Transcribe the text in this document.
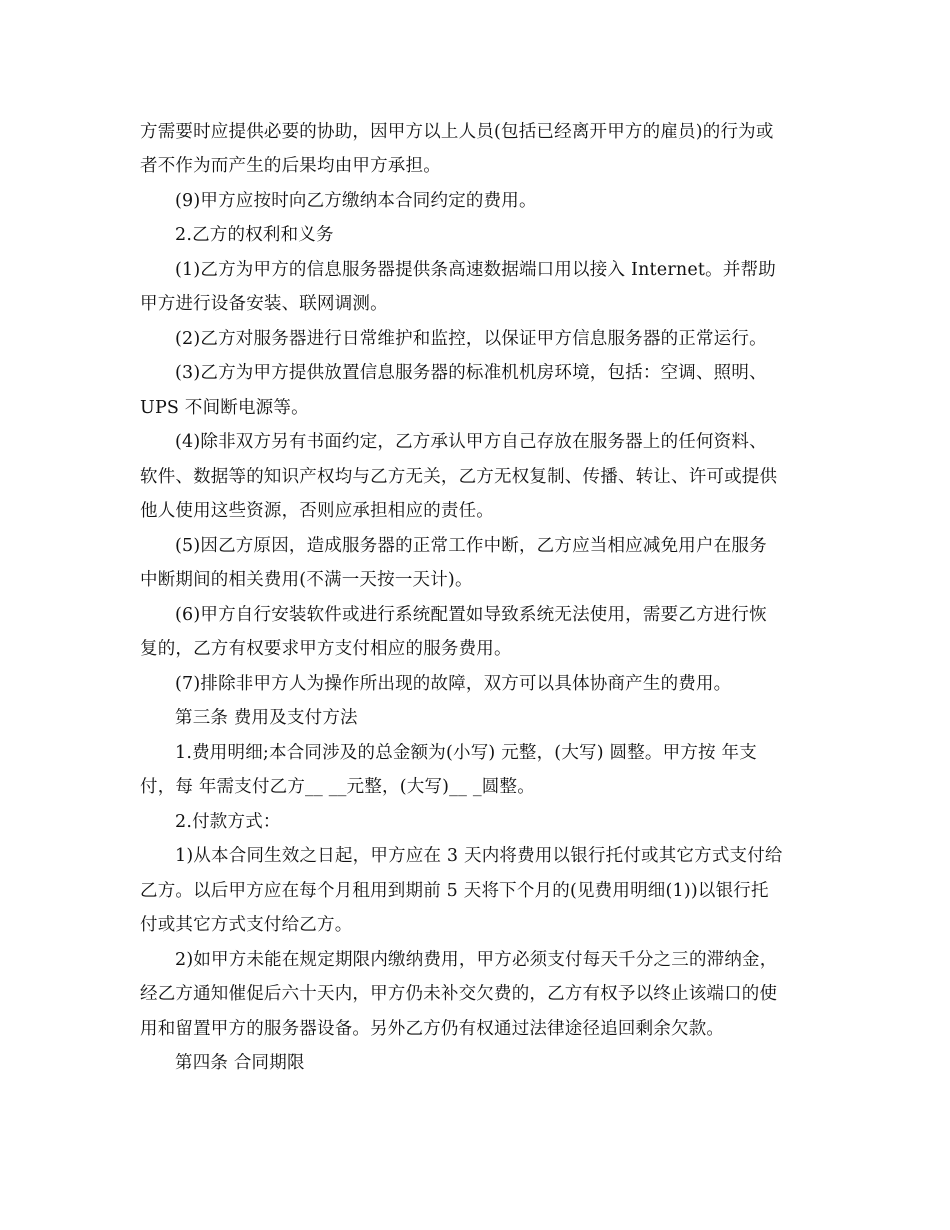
方需要时应提供必要的协助，因甲方以上人员(包括已经离开甲方的雇员)的行为或
者不作为而产生的后果均由甲方承担。
(9)甲方应按时向乙方缴纳本合同约定的费用。
2.乙方的权利和义务
(1)乙方为甲方的信息服务器提供条高速数据端口用以接入 Internet。并帮助
甲方进行设备安装、联网调测。
(2)乙方对服务器进行日常维护和监控，以保证甲方信息服务器的正常运行。
(3)乙方为甲方提供放置信息服务器的标准机机房环境，包括：空调、照明、
UPS 不间断电源等。
(4)除非双方另有书面约定，乙方承认甲方自己存放在服务器上的任何资料、
软件、数据等的知识产权均与乙方无关，乙方无权复制、传播、转让、许可或提供
他人使用这些资源，否则应承担相应的责任。
(5)因乙方原因，造成服务器的正常工作中断，乙方应当相应减免用户在服务
中断期间的相关费用(不满一天按一天计)。
(6)甲方自行安装软件或进行系统配置如导致系统无法使用，需要乙方进行恢
复的，乙方有权要求甲方支付相应的服务费用。
(7)排除非甲方人为操作所出现的故障，双方可以具体协商产生的费用。
第三条 费用及支付方法
1.费用明细;本合同涉及的总金额为(小写) 元整，(大写) 圆整。甲方按 年支
付，每 年需支付乙方__ __元整，(大写)__ _圆整。
2.付款方式：
1)从本合同生效之日起，甲方应在 3 天内将费用以银行托付或其它方式支付给
乙方。以后甲方应在每个月租用到期前 5 天将下个月的(见费用明细(1))以银行托
付或其它方式支付给乙方。
2)如甲方未能在规定期限内缴纳费用，甲方必须支付每天千分之三的滞纳金，
经乙方通知催促后六十天内，甲方仍未补交欠费的，乙方有权予以终止该端口的使
用和留置甲方的服务器设备。另外乙方仍有权通过法律途径追回剩余欠款。
第四条 合同期限
